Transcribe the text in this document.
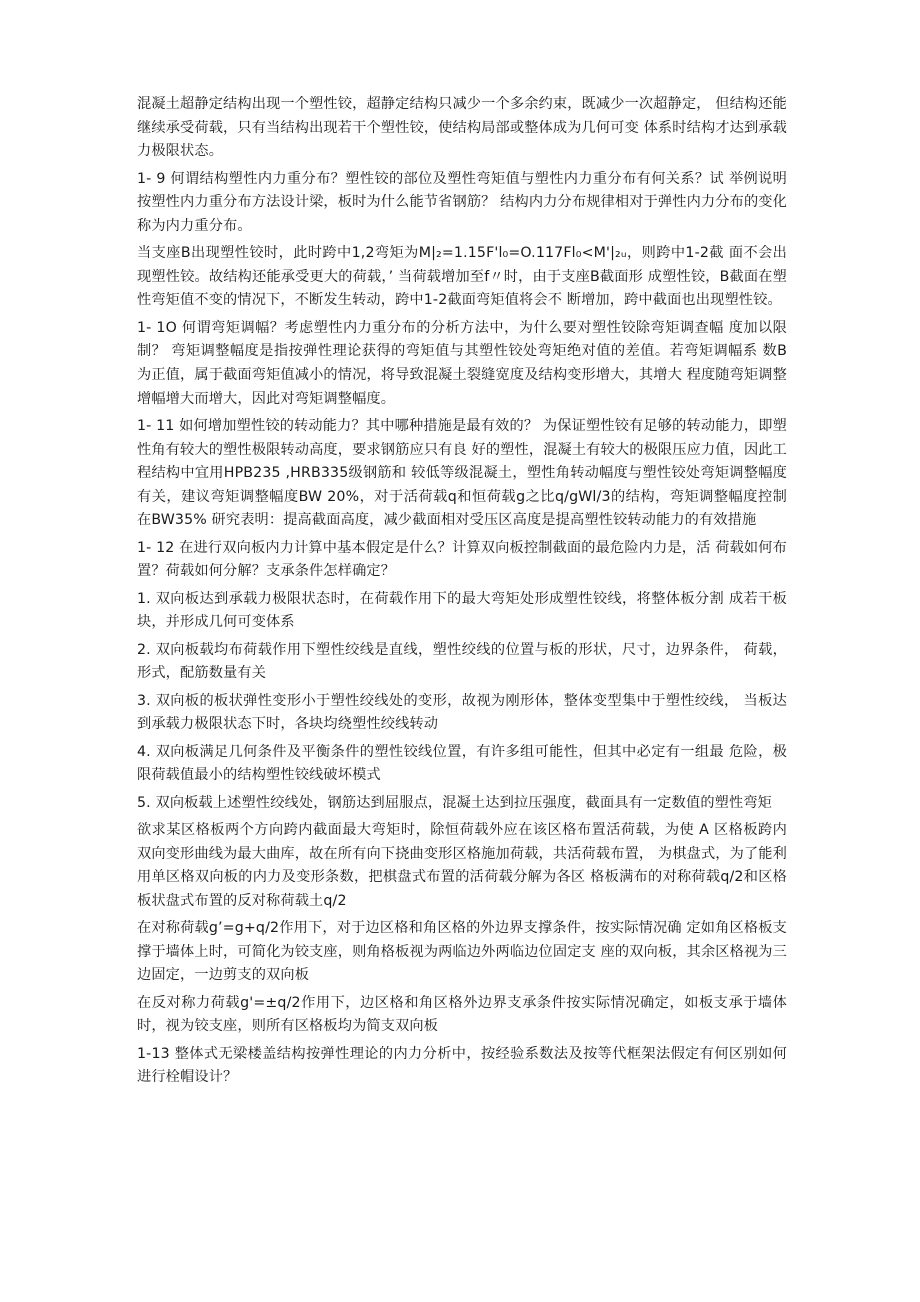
混凝土超静定结构出现一个塑性铰，超静定结构只减少一个多余约束，既减少一次超静定， 但结构还能继续承受荷载，只有当结构出现若干个塑性铰，使结构局部或整体成为几何可变 体系时结构才达到承载力极限状态。

1- 9 何谓结构塑性内力重分布？塑性铰的部位及塑性弯矩值与塑性内力重分布有何关系？试 举例说明按塑性内力重分布方法设计梁，板时为什么能节省钢筋？ 结构内力分布规律相对于弹性内力分布的变化称为内力重分布。

当支座B出现塑性铰时，此时跨中1,2弯矩为M|₂=1.15F'l₀=O.117Fl₀<M'|₂ᵤ，则跨中1-2截 面不会出现塑性铰。故结构还能承受更大的荷载，’ 当荷载增加至f〃时，由于支座B截面形 成塑性铰，B截面在塑性弯矩值不变的情况下，不断发生转动，跨中1-2截面弯矩值将会不 断增加，跨中截面也出现塑性铰。

1- 1O 何谓弯矩调幅？考虑塑性内力重分布的分析方法中，为什么要对塑性铰除弯矩调查幅 度加以限制？ 弯矩调整幅度是指按弹性理论获得的弯矩值与其塑性铰处弯矩绝对值的差值。若弯矩调幅系 数B为正值，属于截面弯矩值减小的情况，将导致混凝土裂缝宽度及结构变形增大，其增大 程度随弯矩调整增幅增大而增大，因此对弯矩调整幅度。

1- 11 如何增加塑性铰的转动能力？其中哪种措施是最有效的？ 为保证塑性铰有足够的转动能力，即塑性角有较大的塑性极限转动高度，要求钢筋应只有良 好的塑性，混凝土有较大的极限压应力值，因此工程结构中宜用HPB235 ,HRB335级钢筋和 较低等级混凝土，塑性角转动幅度与塑性铰处弯矩调整幅度有关，建议弯矩调整幅度BW 20%，对于活荷载q和恒荷载g之比q/gWl/3的结构，弯矩调整幅度控制在BW35% 研究表明：提高截面高度，减少截面相对受压区高度是提高塑性铰转动能力的有效措施

1- 12 在进行双向板内力计算中基本假定是什么？计算双向板控制截面的最危险内力是，活 荷载如何布置？荷载如何分解？支承条件怎样确定？

1. 双向板达到承载力极限状态时，在荷载作用下的最大弯矩处形成塑性铰线，将整体板分割 成若干板块，并形成几何可变体系

2. 双向板载均布荷载作用下塑性绞线是直线，塑性绞线的位置与板的形状，尺寸，边界条件， 荷载，形式，配筋数量有关

3. 双向板的板状弹性变形小于塑性绞线处的变形，故视为刚形体，整体变型集中于塑性绞线， 当板达到承载力极限状态下时，各块均绕塑性绞线转动

4. 双向板满足几何条件及平衡条件的塑性铰线位置，有许多组可能性，但其中必定有一组最 危险，极限荷载值最小的结构塑性铰线破坏模式

5. 双向板载上述塑性绞线处，钢筋达到屈服点，混凝土达到拉压强度，截面具有一定数值的塑性弯矩

欲求某区格板两个方向跨内截面最大弯矩时，除恒荷载外应在该区格布置活荷载，为使 A 区格板跨内双向变形曲线为最大曲库，故在所有向下挠曲变形区格施加荷载，共活荷载布置， 为棋盘式，为了能利用单区格双向板的内力及变形条数，把棋盘式布置的活荷载分解为各区 格板满布的对称荷载q/2和区格板状盘式布置的反对称荷载土q/2

在对称荷载g’=g+q/2作用下，对于边区格和角区格的外边界支撑条件，按实际情况确 定如角区格板支撑于墙体上时，可简化为铰支座，则角格板视为两临边外两临边位固定支 座的双向板，其余区格视为三边固定，一边剪支的双向板

在反对称力荷载g'=±q/2作用下，边区格和角区格外边界支承条件按实际情况确定，如板支承于墙体时，视为铰支座，则所有区格板均为简支双向板

1-13 整体式无梁楼盖结构按弹性理论的内力分析中，按经验系数法及按等代框架法假定有何区别如何进行栓帽设计？
